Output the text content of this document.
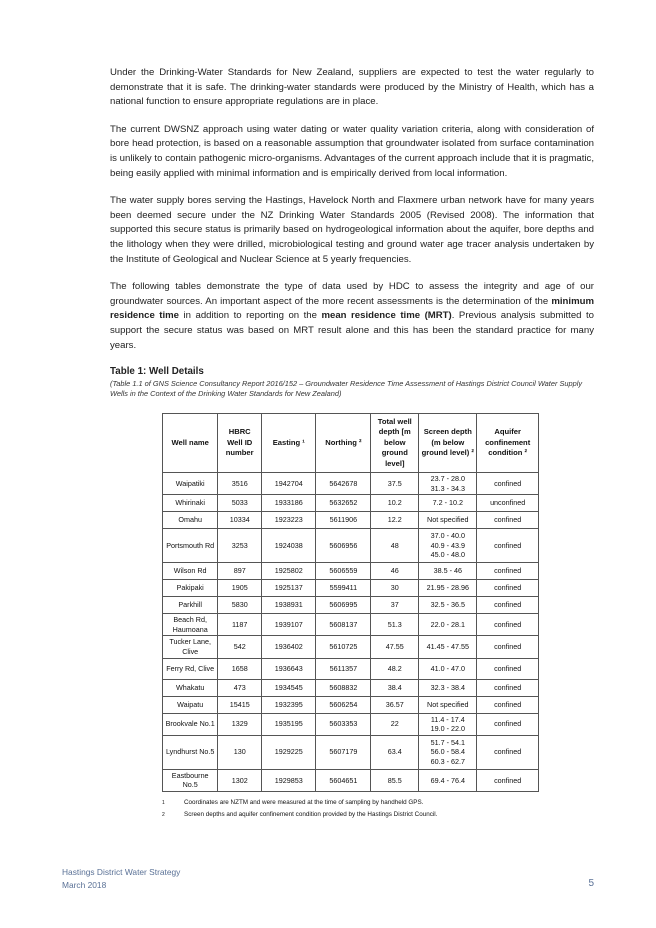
Under the Drinking-Water Standards for New Zealand, suppliers are expected to test the water regularly to demonstrate that it is safe. The drinking-water standards were produced by the Ministry of Health, which has a national function to ensure appropriate regulations are in place.

The current DWSNZ approach using water dating or water quality variation criteria, along with consideration of bore head protection, is based on a reasonable assumption that groundwater isolated from surface contamination is unlikely to contain pathogenic micro-organisms. Advantages of the current approach include that it is pragmatic, being easily applied with minimal information and is empirically derived from local information.

The water supply bores serving the Hastings, Havelock North and Flaxmere urban network have for many years been deemed secure under the NZ Drinking Water Standards 2005 (Revised 2008). The information that supported this secure status is primarily based on hydrogeological information about the aquifer, bore depths and the lithology when they were drilled, microbiological testing and ground water age tracer analysis undertaken by the Institute of Geological and Nuclear Science at 5 yearly frequencies.

The following tables demonstrate the type of data used by HDC to assess the integrity and age of our groundwater sources. An important aspect of the more recent assessments is the determination of the minimum residence time in addition to reporting on the mean residence time (MRT). Previous analysis submitted to support the secure status was based on MRT result alone and this has been the standard practice for many years.

Table 1: Well Details

(Table 1.1 of GNS Science Consultancy Report 2016/152 – Groundwater Residence Time Assessment of Hastings District Council Water Supply Wells in the Context of the Drinking Water Standards for New Zealand)

Well name	HBRC Well ID number	Easting ¹	Northing ²	Total well depth [m below ground level]	Screen depth (m below ground level) ²	Aquifer confinement condition ²
Waipatiki	3516	1942704	5642678	37.5	23.7 - 28.0
31.3 - 34.3	confined
Whirinaki	5033	1933186	5632652	10.2	7.2 - 10.2	unconfined
Omahu	10334	1923223	5611906	12.2	Not specified	confined
Portsmouth Rd	3253	1924038	5606956	48	37.0 - 40.0
40.9 - 43.9
45.0 - 48.0	confined
Wilson Rd	897	1925802	5606559	46	38.5 - 46	confined
Pakipaki	1905	1925137	5599411	30	21.95 - 28.96	confined
Parkhill	5830	1938931	5606995	37	32.5 - 36.5	confined
Beach Rd, Haumoana	1187	1939107	5608137	51.3	22.0 - 28.1	confined
Tucker Lane, Clive	542	1936402	5610725	47.55	41.45 - 47.55	confined
Ferry Rd, Clive	1658	1936643	5611357	48.2	41.0 - 47.0	confined
Whakatu	473	1934545	5608832	38.4	32.3 - 38.4	confined
Waipatu	15415	1932395	5606254	36.57	Not specified	confined
Brookvale No.1	1329	1935195	5603353	22	11.4 - 17.4
19.0 - 22.0	confined
Lyndhurst No.5	130	1929225	5607179	63.4	51.7 - 54.1
56.0 - 58.4
60.3 - 62.7	confined
Eastbourne No.5	1302	1929853	5604651	85.5	69.4 - 76.4	confined
1	Coordinates are NZTM and were measured at the time of sampling by handheld GPS.
2	Screen depths and aquifer confinement condition provided by the Hastings District Council.
Hastings District Water Strategy
March 2018	5
